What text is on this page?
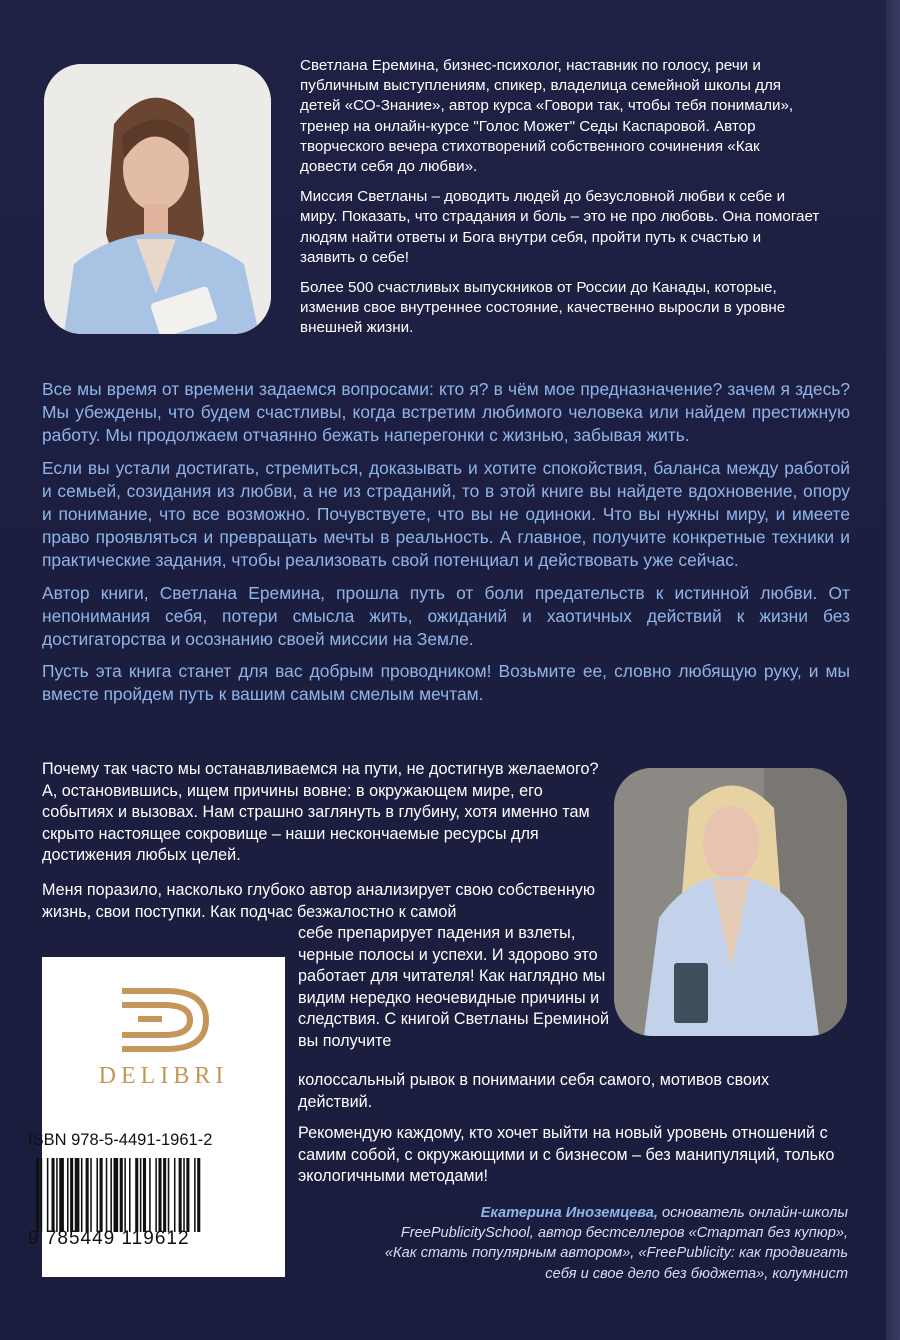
Светлана Еремина, бизнес-психолог, наставник по голосу, речи и публичным выступлениям, спикер, владелица семейной школы для детей «СО-Знание», автор курса «Говори так, чтобы тебя понимали», тренер на онлайн-курсе "Голос Может" Седы Каспаровой. Автор творческого вечера стихотворений собственного сочинения «Как довести себя до любви».

Миссия Светланы – доводить людей до безусловной любви к себе и миру. Показать, что страдания и боль – это не про любовь. Она помогает людям найти ответы и Бога внутри себя, пройти путь к счастью и заявить о себе!

Более 500 счастливых выпускников от России до Канады, которые, изменив свое внутреннее состояние, качественно выросли в уровне внешней жизни.

Все мы время от времени задаемся вопросами: кто я? в чём мое предназначение? зачем я здесь? Мы убеждены, что будем счастливы, когда встретим любимого человека или найдем престижную работу. Мы продолжаем отчаянно бежать наперегонки с жизнью, забывая жить.

Если вы устали достигать, стремиться, доказывать и хотите спокойствия, баланса между работой и семьей, созидания из любви, а не из страданий, то в этой книге вы найдете вдохновение, опору и понимание, что все возможно. Почувствуете, что вы не одиноки. Что вы нужны миру, и имеете право проявляться и превращать мечты в реальность. А главное, получите конкретные техники и практические задания, чтобы реализовать свой потенциал и действовать уже сейчас.

Автор книги, Светлана Еремина, прошла путь от боли предательств к истинной любви. От непонимания себя, потери смысла жить, ожиданий и хаотичных действий к жизни без достигаторства и осознанию своей миссии на Земле.

Пусть эта книга станет для вас добрым проводником! Возьмите ее, словно любящую руку, и мы вместе пройдем путь к вашим самым смелым мечтам.

Почему так часто мы останавливаемся на пути, не достигнув желаемого? А, остановившись, ищем причины вовне: в окружающем мире, его событиях и вызовах. Нам страшно заглянуть в глубину, хотя именно там скрыто настоящее сокровище – наши нескончаемые ресурсы для достижения любых целей.
Меня поразило, насколько глубоко автор анализирует свою собственную жизнь, свои поступки. Как подчас безжалостно к самой
себе препарирует падения и взлеты, черные полосы и успехи. И здорово это работает для читателя! Как наглядно мы видим нередко неочевидные причины и следствия. С книгой Светланы Ереминой вы получите
колоссальный рывок в понимании себя самого, мотивов своих действий.
Рекомендую каждому, кто хочет выйти на новый уровень отношений с самим собой, с окружающими и с бизнесом – без манипуляций, только экологичными методами!
Екатерина Иноземцева, основатель онлайн-школы FreePublicitySchool, автор бестселлеров «Стартап без купюр», «Как стать популярным автором», «FreePublicity: как продвигать себя и свое дело без бюджета», колумнист
DELIBRI
ISBN 978-5-4491-1961-2
9 785449 119612
